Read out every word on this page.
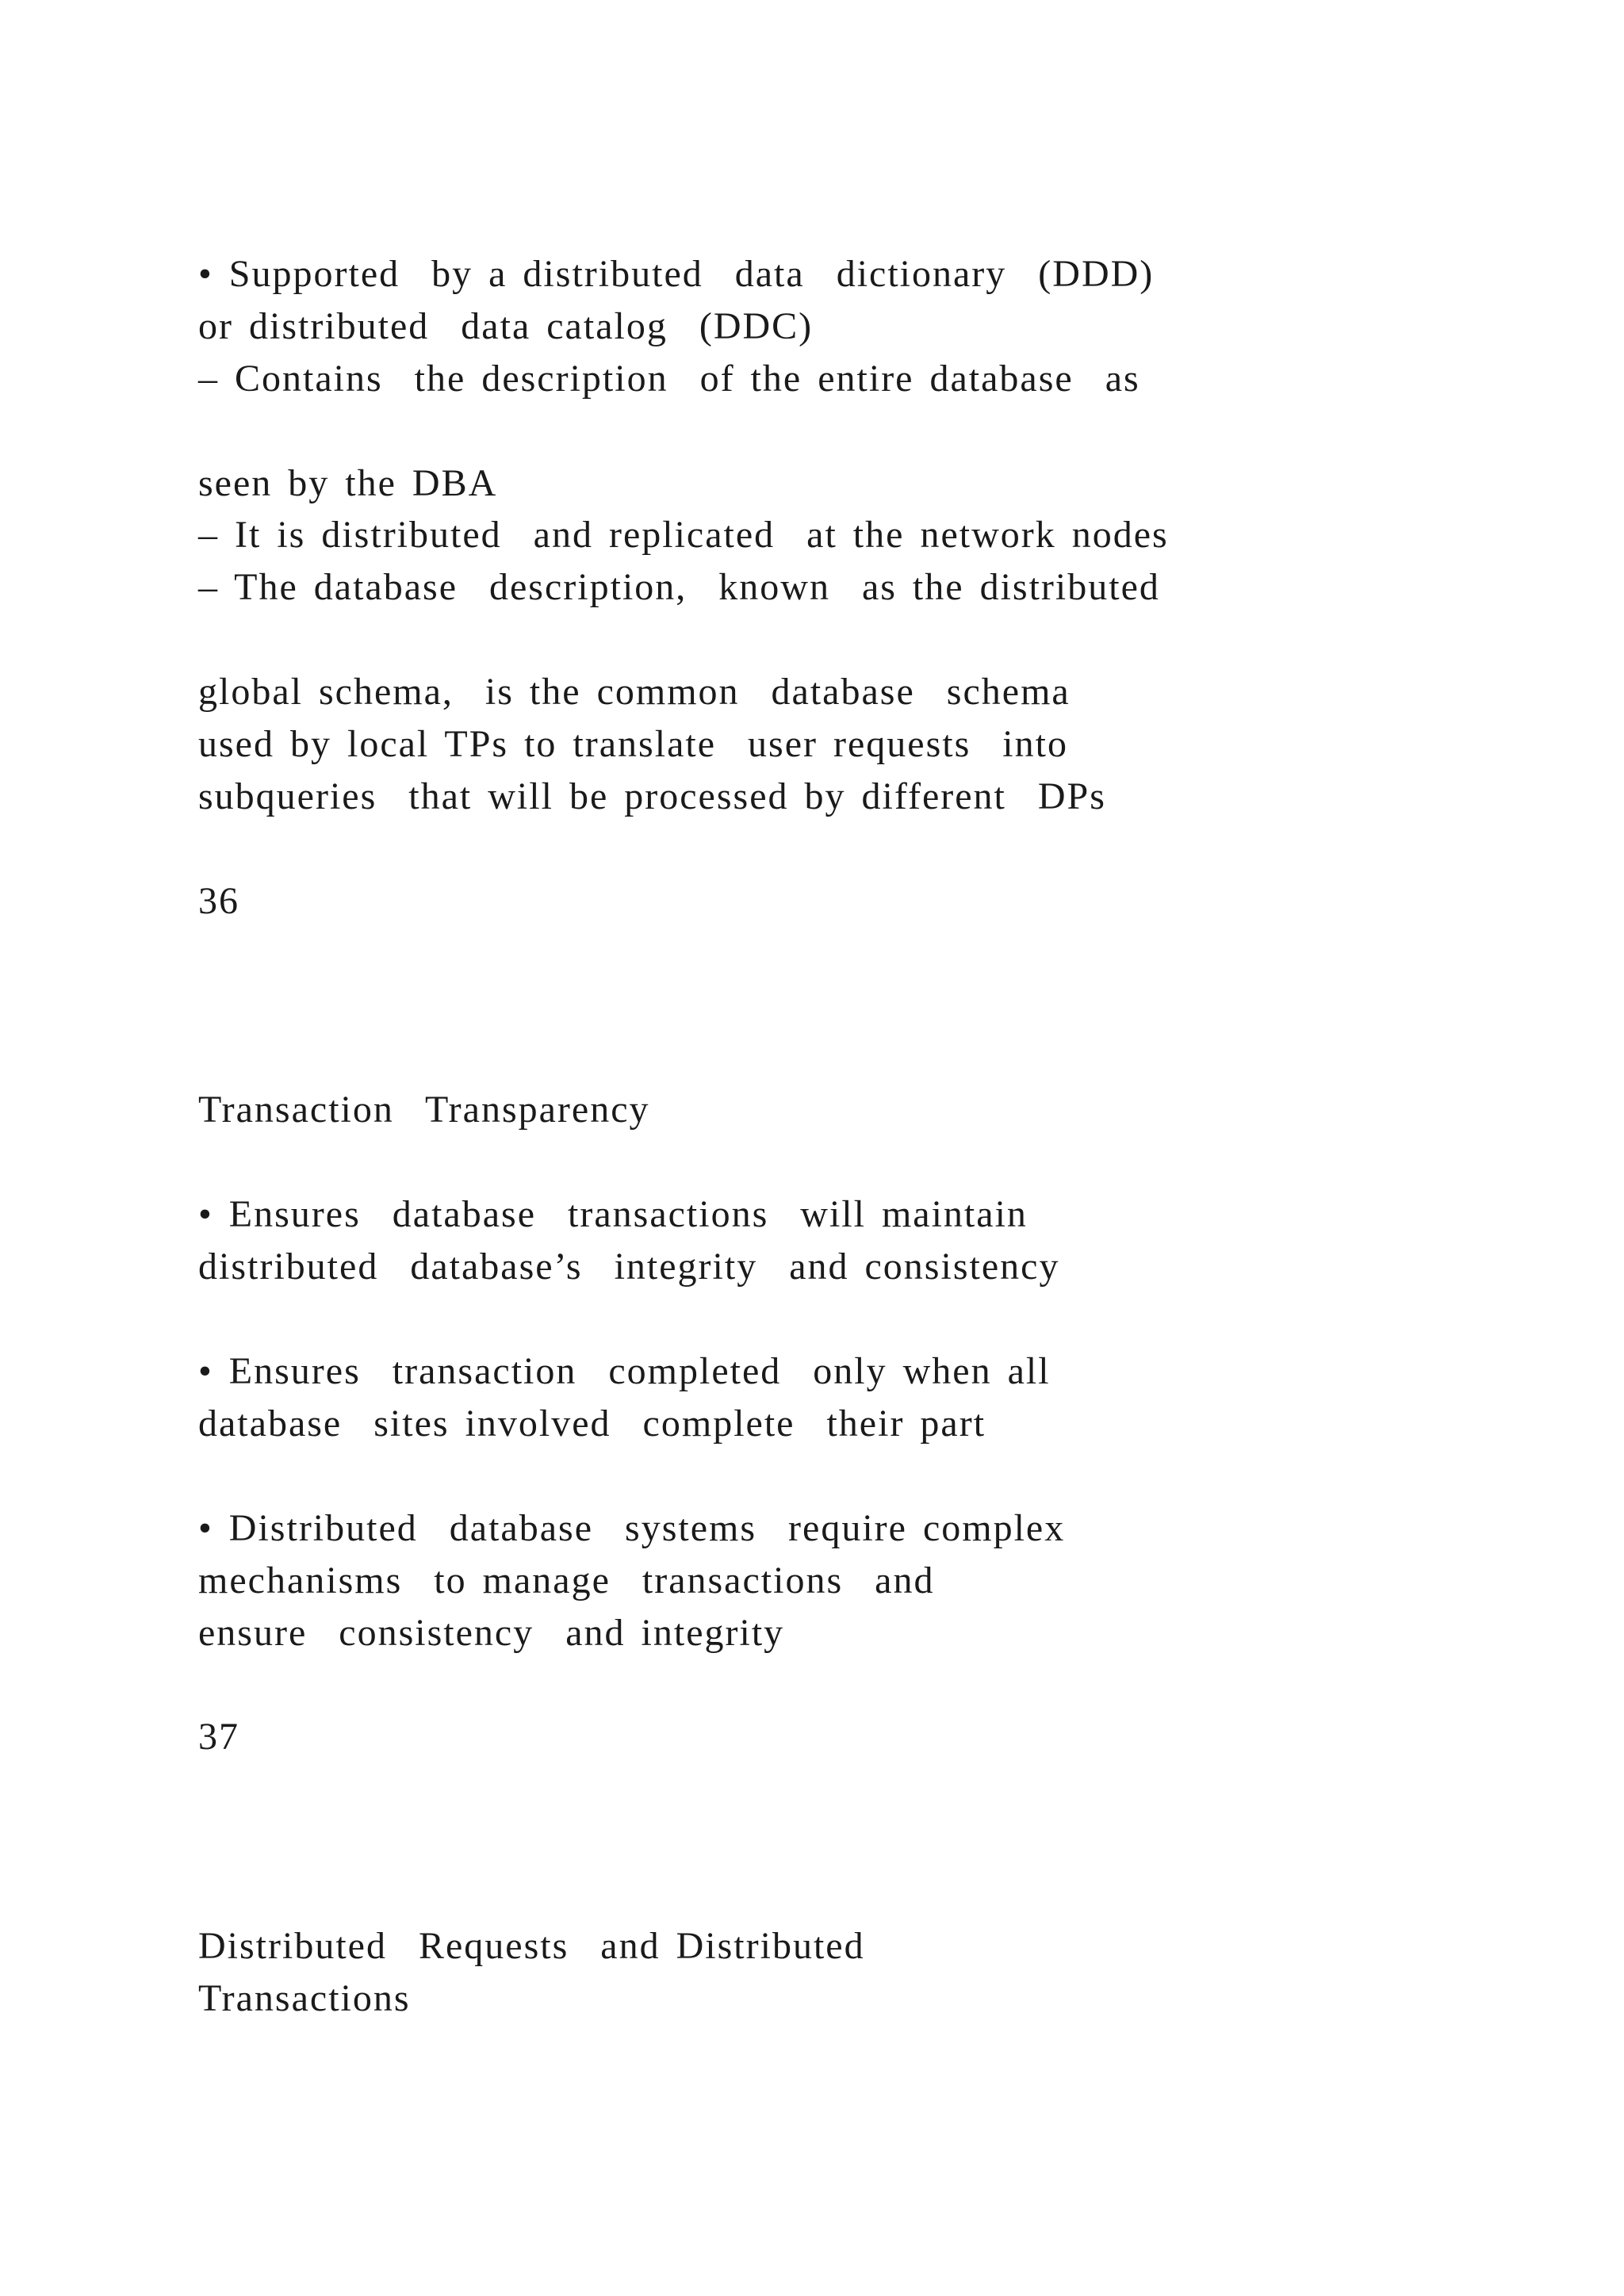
• Supported  by a distributed  data  dictionary  (DDD)
or distributed  data catalog  (DDC)
– Contains  the description  of the entire database  as
seen by the DBA
– It is distributed  and replicated  at the network nodes
– The database  description,  known  as the distributed
global schema,  is the common  database  schema
used by local TPs to translate  user requests  into
subqueries  that will be processed by different  DPs
36
Transaction  Transparency
• Ensures  database  transactions  will maintain
distributed  database’s  integrity  and consistency
• Ensures  transaction  completed  only when all
database  sites involved  complete  their part
• Distributed  database  systems  require complex
mechanisms  to manage  transactions  and
ensure  consistency  and integrity
37
Distributed  Requests  and Distributed
Transactions
